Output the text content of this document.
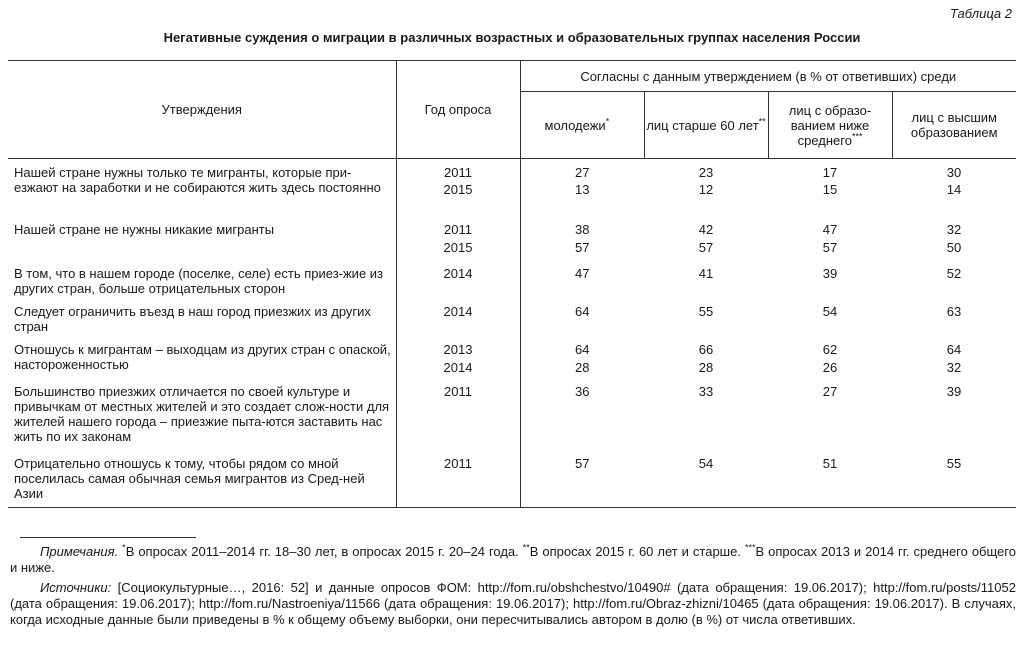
Таблица 2
Негативные суждения о миграции в различных возрастных и образовательных группах населения России
Утверждения	Год опроса	Согласны с данным утверждением (в % от ответивших) среди			
		молодежи*	лиц старше 60 лет**	лиц с образо-ванием ниже среднего***	лиц с высшим образованием
Нашей стране нужны только те мигранты, которые при-езжают на заработки и не собираются жить здесь постоянно	2011	27	23	17	30
	2015	13	12	15	14
Нашей стране не нужны никакие мигранты	2011	38	42	47	32
	2015	57	57	57	50
В том, что в нашем городе (поселке, селе) есть приез-жие из других стран, больше отрицательных сторон	2014	47	41	39	52
Следует ограничить въезд в наш город приезжих из других стран	2014	64	55	54	63
Отношусь к мигрантам – выходцам из других стран с опаской, настороженностью	2013	64	66	62	64
	2014	28	28	26	32
Большинство приезжих отличается по своей культуре и привычкам от местных жителей и это создает слож-ности для жителей нашего города – приезжие пыта-ются заставить нас жить по их законам	2011	36	33	27	39
Отрицательно отношусь к тому, чтобы рядом со мной поселилась самая обычная семья мигрантов из Сред-ней Азии	2011	57	54	51	55

Примечания. *В опросах 2011–2014 гг. 18–30 лет, в опросах 2015 г. 20–24 года. **В опросах 2015 г. 60 лет и старше. ***В опросах 2013 и 2014 гг. среднего общего и ниже.

Источники: [Социокультурные…, 2016: 52] и данные опросов ФОМ: http://fom.ru/obshchestvo/10490# (дата обращения: 19.06.2017); http://fom.ru/posts/11052 (дата обращения: 19.06.2017); http://fom.ru/Nastroeniya/11566 (дата обращения: 19.06.2017); http://fom.ru/Obraz-zhizni/10465 (дата обращения: 19.06.2017). В случаях, когда исходные данные были приведены в % к общему объему выборки, они пересчитывались автором в долю (в %) от числа ответивших.
